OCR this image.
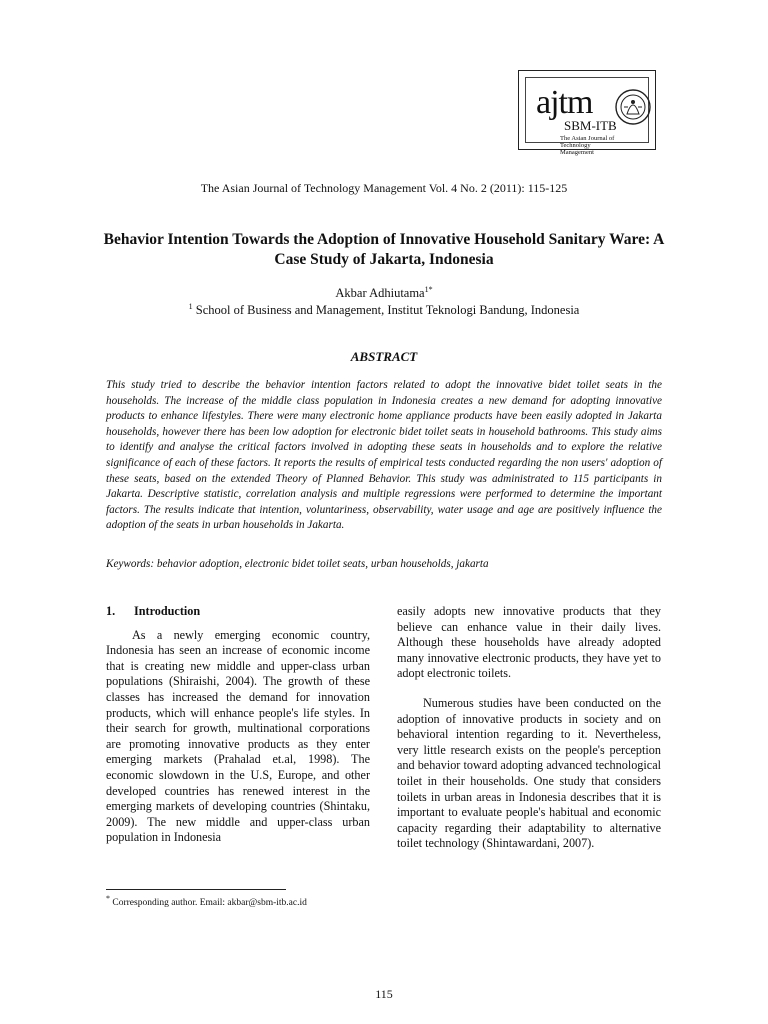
ajtm
SBM-ITB
The Asian Journal of Technology Management
The Asian Journal of Technology Management Vol. 4 No. 2 (2011): 115-125
Behavior Intention Towards the Adoption of Innovative Household Sanitary Ware: A Case Study of Jakarta, Indonesia
Akbar Adhiutama$^{1*}$
$^1$ School of Business and Management, Institut Teknologi Bandung, Indonesia
ABSTRACT
This study tried to describe the behavior intention factors related to adopt the innovative bidet toilet seats in the households. The increase of the middle class population in Indonesia creates a new demand for adopting innovative products to enhance lifestyles. There were many electronic home appliance products have been easily adopted in Jakarta households, however there has been low adoption for electronic bidet toilet seats in household bathrooms. This study aims to identify and analyse the critical factors involved in adopting these seats in households and to explore the relative significance of each of these factors. It reports the results of empirical tests conducted regarding the non users' adoption of these seats, based on the extended Theory of Planned Behavior. This study was administrated to 115 participants in Jakarta. Descriptive statistic, correlation analysis and multiple regressions were performed to determine the important factors. The results indicate that intention, voluntariness, observability, water usage and age are positively influence the adoption of the seats in urban households in Jakarta.
Keywords: behavior adoption, electronic bidet toilet seats, urban households, jakarta
1. Introduction

As a newly emerging economic country, Indonesia has seen an increase of economic income that is creating new middle and upper-class urban populations (Shiraishi, 2004). The growth of these classes has increased the demand for innovation products, which will enhance people's life styles. In their search for growth, multinational corporations are promoting innovative products as they enter emerging markets (Prahalad et.al, 1998). The economic slowdown in the U.S, Europe, and other developed countries has renewed interest in the emerging markets of developing countries (Shintaku, 2009). The new middle and upper-class urban population in Indonesia

easily adopts new innovative products that they believe can enhance value in their daily lives. Although these households have already adopted many innovative electronic products, they have yet to adopt electronic toilets.

Numerous studies have been conducted on the adoption of innovative products in society and on behavioral intention regarding to it. Nevertheless, very little research exists on the people's perception and behavior toward adopting advanced technological toilet in their households. One study that considers toilets in urban areas in Indonesia describes that it is important to evaluate people's habitual and economic capacity regarding their adaptability to alternative toilet technology (Shintawardani, 2007).

* Corresponding author. Email: akbar@sbm-itb.ac.id
115
